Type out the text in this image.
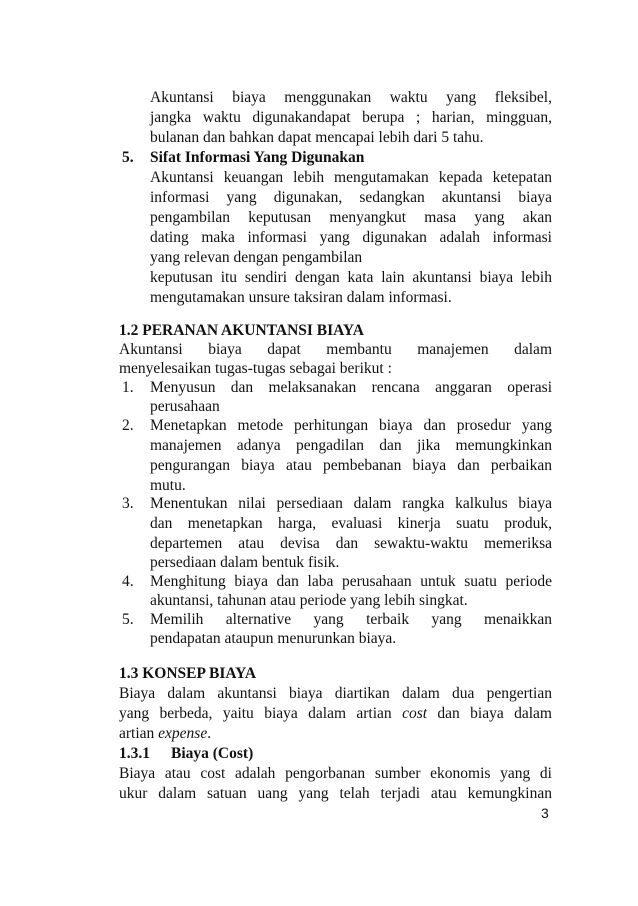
Akuntansi biaya menggunakan waktu yang fleksibel,
jangka waktu digunakandapat berupa ; harian, mingguan,
bulanan dan bahkan dapat mencapai lebih dari 5 tahu.
5. Sifat Informasi Yang Digunakan
Akuntansi keuangan lebih mengutamakan kepada ketepatan
informasi yang digunakan, sedangkan akuntansi biaya
pengambilan keputusan menyangkut masa yang akan
dating maka informasi yang digunakan adalah informasi
yang relevan dengan pengambilan
keputusan itu sendiri dengan kata lain akuntansi biaya lebih
mengutamakan unsure taksiran dalam informasi.
1.2 PERANAN AKUNTANSI BIAYA
Akuntansi biaya dapat membantu manajemen dalam
menyelesaikan tugas-tugas sebagai berikut :
1. Menyusun dan melaksanakan rencana anggaran operasi
perusahaan
2. Menetapkan metode perhitungan biaya dan prosedur yang
manajemen adanya pengadilan dan jika memungkinkan
pengurangan biaya atau pembebanan biaya dan perbaikan
mutu.
3. Menentukan nilai persediaan dalam rangka kalkulus biaya
dan menetapkan harga, evaluasi kinerja suatu produk,
departemen atau devisa dan sewaktu-waktu memeriksa
persediaan dalam bentuk fisik.
4. Menghitung biaya dan laba perusahaan untuk suatu periode
akuntansi, tahunan atau periode yang lebih singkat.
5. Memilih alternative yang terbaik yang menaikkan
pendapatan ataupun menurunkan biaya.
1.3 KONSEP BIAYA
Biaya dalam akuntansi biaya diartikan dalam dua pengertian
yang berbeda, yaitu biaya dalam artian cost dan biaya dalam
artian expense.
1.3.1 Biaya (Cost)
Biaya atau cost adalah pengorbanan sumber ekonomis yang di
ukur dalam satuan uang yang telah terjadi atau kemungkinan
3
